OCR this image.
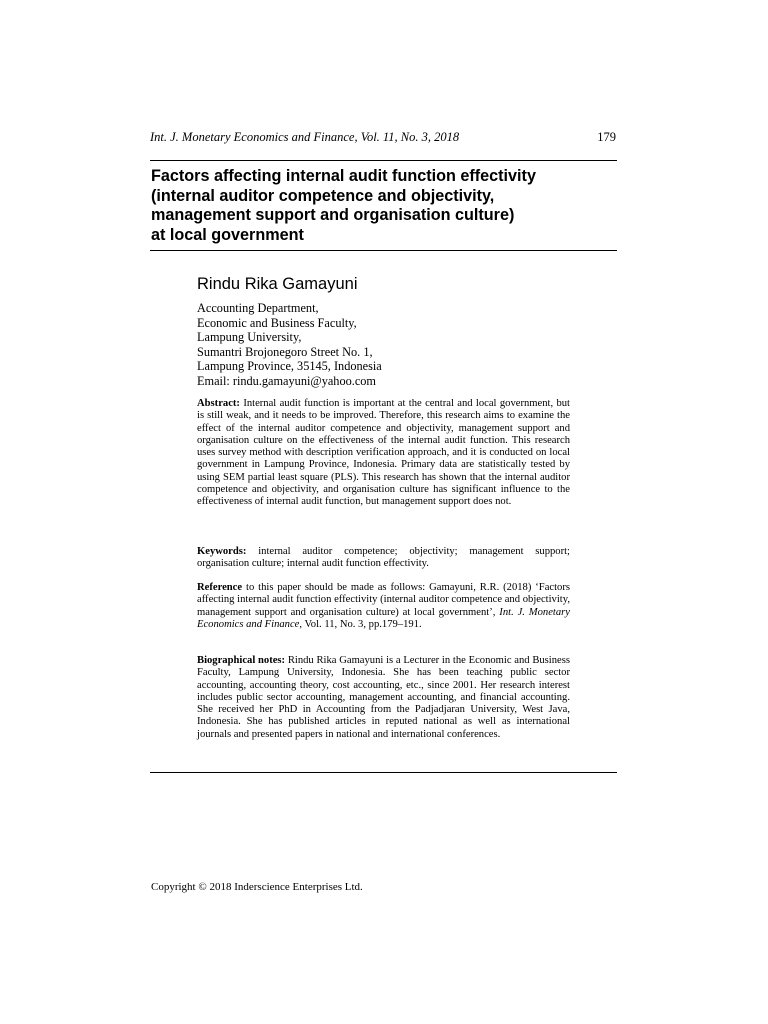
Int. J. Monetary Economics and Finance, Vol. 11, No. 3, 2018	179
Factors affecting internal audit function effectivity
(internal auditor competence and objectivity,
management support and organisation culture)
at local government
Rindu Rika Gamayuni
Accounting Department,
Economic and Business Faculty,
Lampung University,
Sumantri Brojonegoro Street No. 1,
Lampung Province, 35145, Indonesia
Email: rindu.gamayuni@yahoo.com

Abstract: Internal audit function is important at the central and local government, but is still weak, and it needs to be improved. Therefore, this research aims to examine the effect of the internal auditor competence and objectivity, management support and organisation culture on the effectiveness of the internal audit function. This research uses survey method with description verification approach, and it is conducted on local government in Lampung Province, Indonesia. Primary data are statistically tested by using SEM partial least square (PLS). This research has shown that the internal auditor competence and objectivity, and organisation culture has significant influence to the effectiveness of internal audit function, but management support does not.

Keywords: internal auditor competence; objectivity; management support; organisation culture; internal audit function effectivity.

Reference to this paper should be made as follows: Gamayuni, R.R. (2018) ‘Factors affecting internal audit function effectivity (internal auditor competence and objectivity, management support and organisation culture) at local government’, Int. J. Monetary Economics and Finance, Vol. 11, No. 3, pp.179–191.

Biographical notes: Rindu Rika Gamayuni is a Lecturer in the Economic and Business Faculty, Lampung University, Indonesia. She has been teaching public sector accounting, accounting theory, cost accounting, etc., since 2001. Her research interest includes public sector accounting, management accounting, and financial accounting. She received her PhD in Accounting from the Padjadjaran University, West Java, Indonesia. She has published articles in reputed national as well as international journals and presented papers in national and international conferences.

Copyright © 2018 Inderscience Enterprises Ltd.
